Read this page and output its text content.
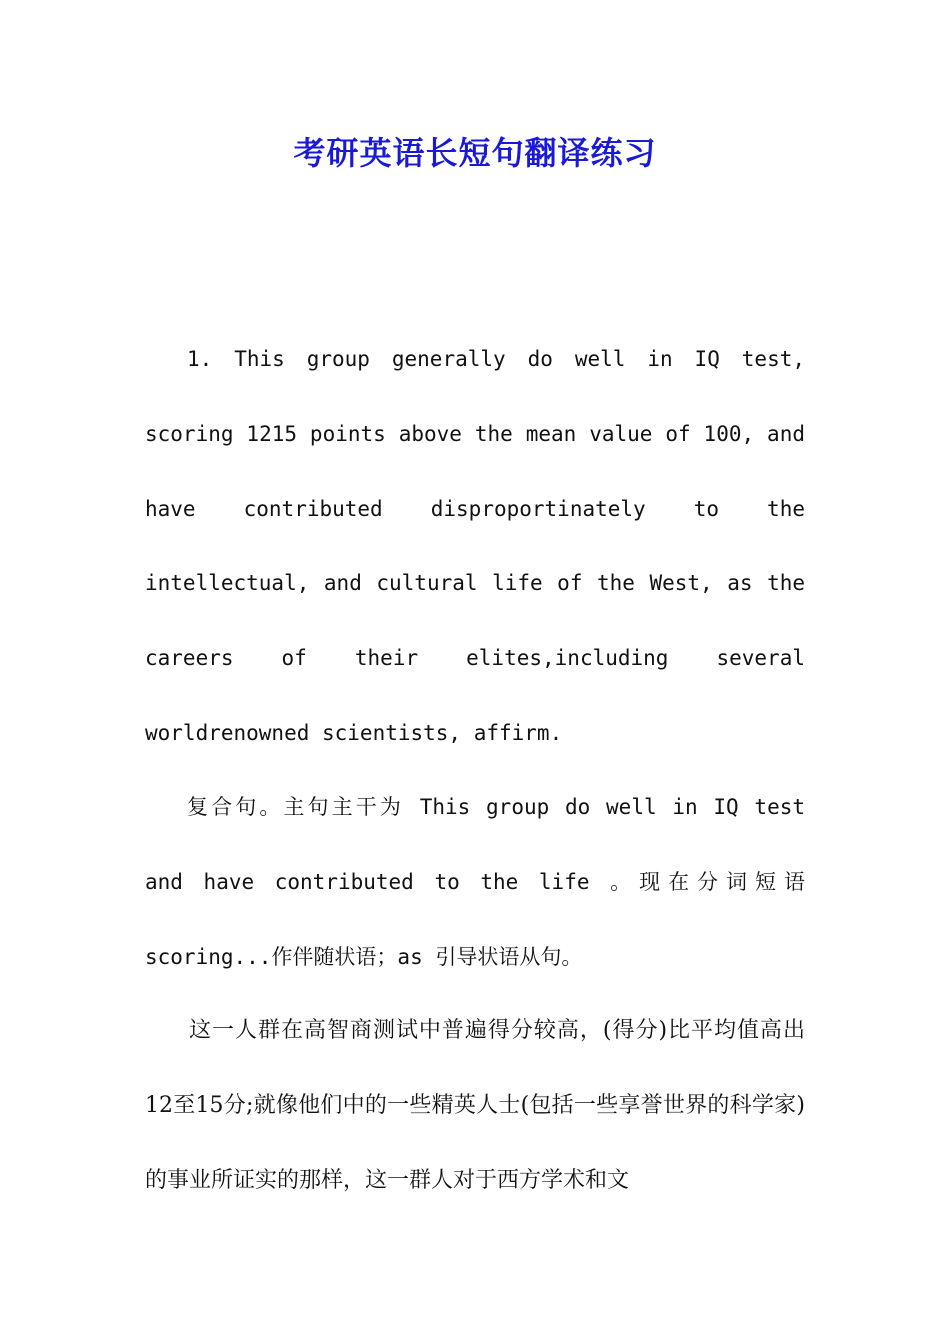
考研英语长短句翻译练习

1. This group generally do well in IQ test, scoring 1215 points above the mean value of 100, and have contributed disproportinately to the intellectual, and cultural life of the West, as the careers of their elites,including several worldrenowned scientists, affirm.

复合句。主句主干为 This group do well in IQ test and have contributed to the life 。现在分词短语 scoring...作伴随状语；as 引导状语从句。

这一人群在高智商测试中普遍得分较高，(得分)比平均值高出12至15分;就像他们中的一些精英人士(包括一些享誉世界的科学家)的事业所证实的那样，这一群人对于西方学术和文
